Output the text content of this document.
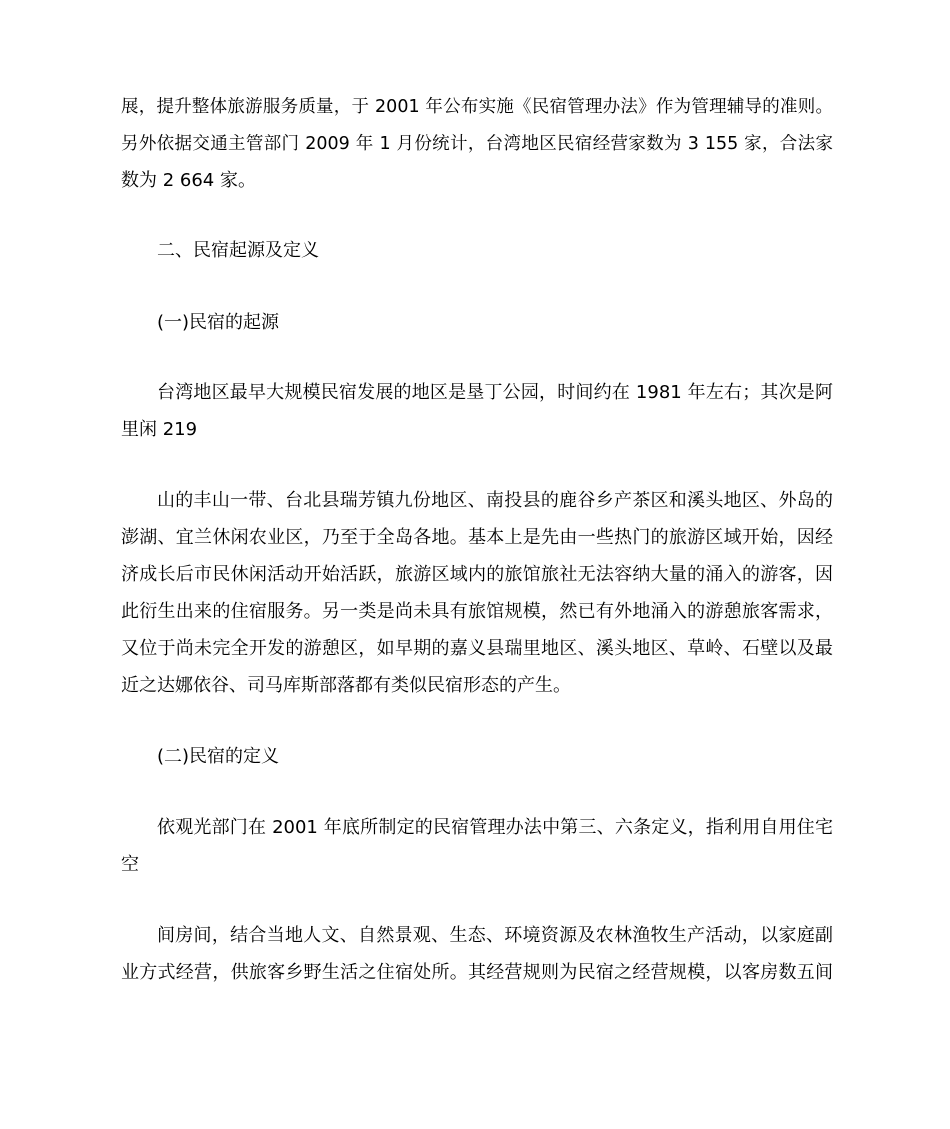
展，提升整体旅游服务质量，于 2001 年公布实施《民宿管理办法》作为管理辅导的准则。
另外依据交通主管部门 2009 年 1 月份统计，台湾地区民宿经营家数为 3 155 家，合法家
数为 2 664 家。
二、民宿起源及定义
(一)民宿的起源
台湾地区最早大规模民宿发展的地区是垦丁公园，时间约在 1981 年左右；其次是阿
里闲 219
山的丰山一带、台北县瑞芳镇九份地区、南投县的鹿谷乡产茶区和溪头地区、外岛的
澎湖、宜兰休闲农业区，乃至于全岛各地。基本上是先由一些热门的旅游区域开始，因经
济成长后市民休闲活动开始活跃，旅游区域内的旅馆旅社无法容纳大量的涌入的游客，因
此衍生出来的住宿服务。另一类是尚未具有旅馆规模，然已有外地涌入的游憩旅客需求，
又位于尚未完全开发的游憩区，如早期的嘉义县瑞里地区、溪头地区、草岭、石壁以及最
近之达娜依谷、司马库斯部落都有类似民宿形态的产生。
(二)民宿的定义
依观光部门在 2001 年底所制定的民宿管理办法中第三、六条定义，指利用自用住宅
空
间房间，结合当地人文、自然景观、生态、环境资源及农林渔牧生产活动，以家庭副
业方式经营，供旅客乡野生活之住宿处所。其经营规则为民宿之经营规模，以客房数五间
